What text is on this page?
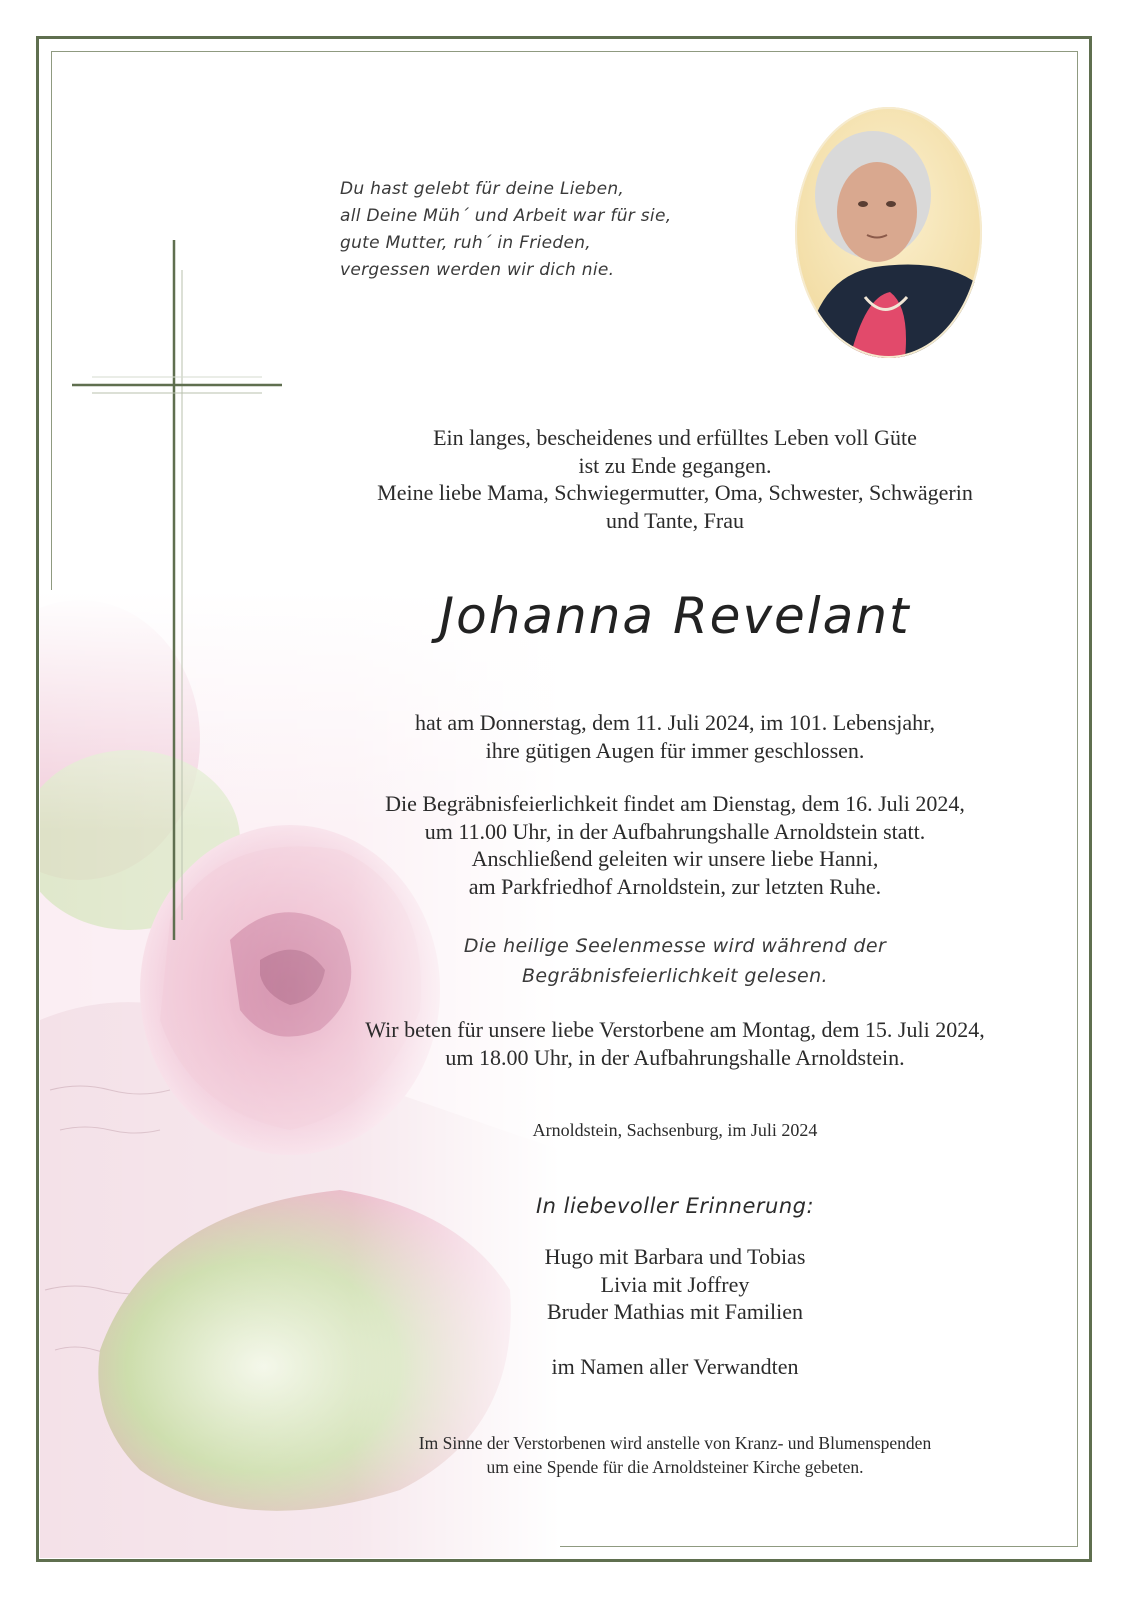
Du hast gelebt für deine Lieben,
all Deine Müh´ und Arbeit war für sie,
gute Mutter, ruh´ in Frieden,
vergessen werden wir dich nie.
Ein langes, bescheidenes und erfülltes Leben voll Güte
ist zu Ende gegangen.
Meine liebe Mama, Schwiegermutter, Oma, Schwester, Schwägerin
und Tante, Frau
Johanna Revelant
hat am Donnerstag, dem 11. Juli 2024, im 101. Lebensjahr,
ihre gütigen Augen für immer geschlossen.
Die Begräbnisfeierlichkeit findet am Dienstag, dem 16. Juli 2024,
um 11.00 Uhr, in der Aufbahrungshalle Arnoldstein statt.
Anschließend geleiten wir unsere liebe Hanni,
am Parkfriedhof Arnoldstein, zur letzten Ruhe.
Die heilige Seelenmesse wird während der
Begräbnisfeierlichkeit gelesen.
Wir beten für unsere liebe Verstorbene am Montag, dem 15. Juli 2024,
um 18.00 Uhr, in der Aufbahrungshalle Arnoldstein.
Arnoldstein, Sachsenburg, im Juli 2024
In liebevoller Erinnerung:
Hugo mit Barbara und Tobias
Livia mit Joffrey
Bruder Mathias mit Familien
im Namen aller Verwandten
Im Sinne der Verstorbenen wird anstelle von Kranz- und Blumenspenden
um eine Spende für die Arnoldsteiner Kirche gebeten.
